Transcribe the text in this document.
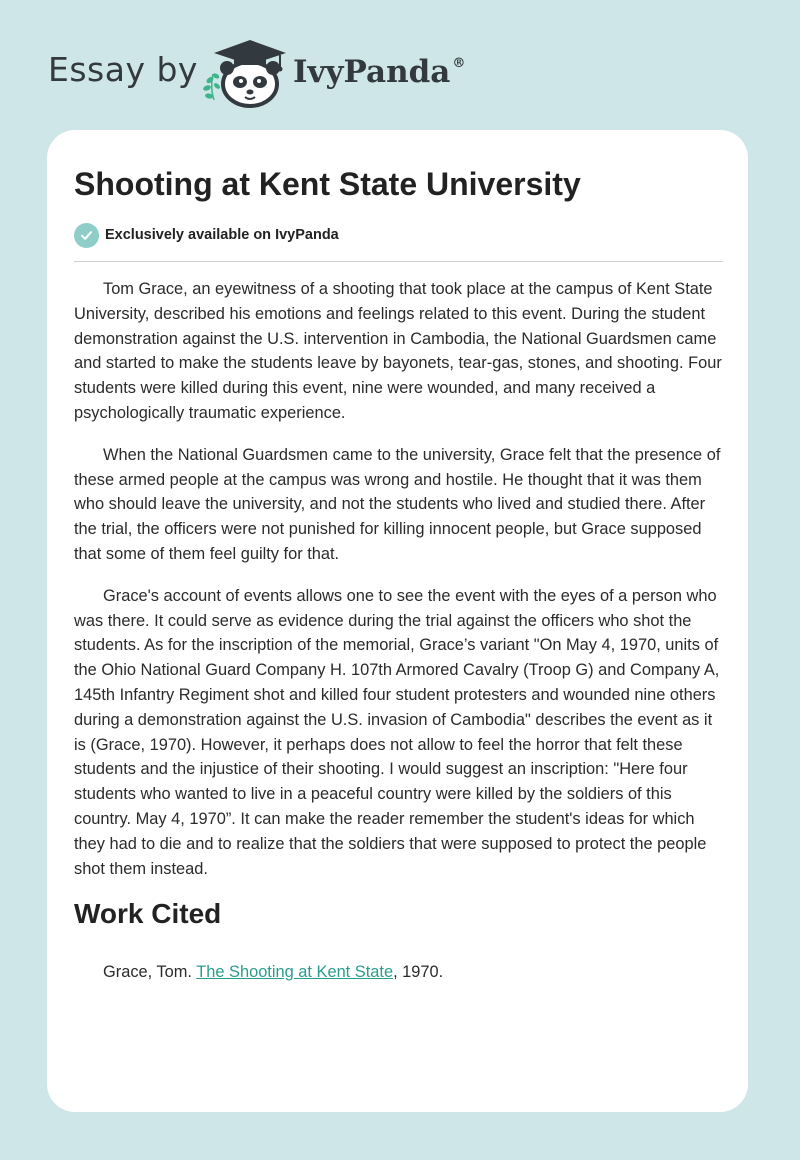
Essay by	IvyPanda ®
Shooting at Kent State University
Exclusively available on IvyPanda

Tom Grace, an eyewitness of a shooting that took place at the campus of Kent State University, described his emotions and feelings related to this event. During the student demonstration against the U.S. intervention in Cambodia, the National Guardsmen came and started to make the students leave by bayonets, tear-gas, stones, and shooting. Four students were killed during this event, nine were wounded, and many received a psychologically traumatic experience.

When the National Guardsmen came to the university, Grace felt that the presence of these armed people at the campus was wrong and hostile. He thought that it was them who should leave the university, and not the students who lived and studied there. After the trial, the officers were not punished for killing innocent people, but Grace supposed that some of them feel guilty for that.

Grace's account of events allows one to see the event with the eyes of a person who was there. It could serve as evidence during the trial against the officers who shot the students. As for the inscription of the memorial, Grace’s variant "On May 4, 1970, units of the Ohio National Guard Company H. 107th Armored Cavalry (Troop G) and Company A, 145th Infantry Regiment shot and killed four student protesters and wounded nine others during a demonstration against the U.S. invasion of Cambodia" describes the event as it is (Grace, 1970). However, it perhaps does not allow to feel the horror that felt these students and the injustice of their shooting. I would suggest an inscription: "Here four students who wanted to live in a peaceful country were killed by the soldiers of this country. May 4, 1970”. It can make the reader remember the student's ideas for which they had to die and to realize that the soldiers that were supposed to protect the people shot them instead.

Work Cited
Grace, Tom. The Shooting at Kent State, 1970.
